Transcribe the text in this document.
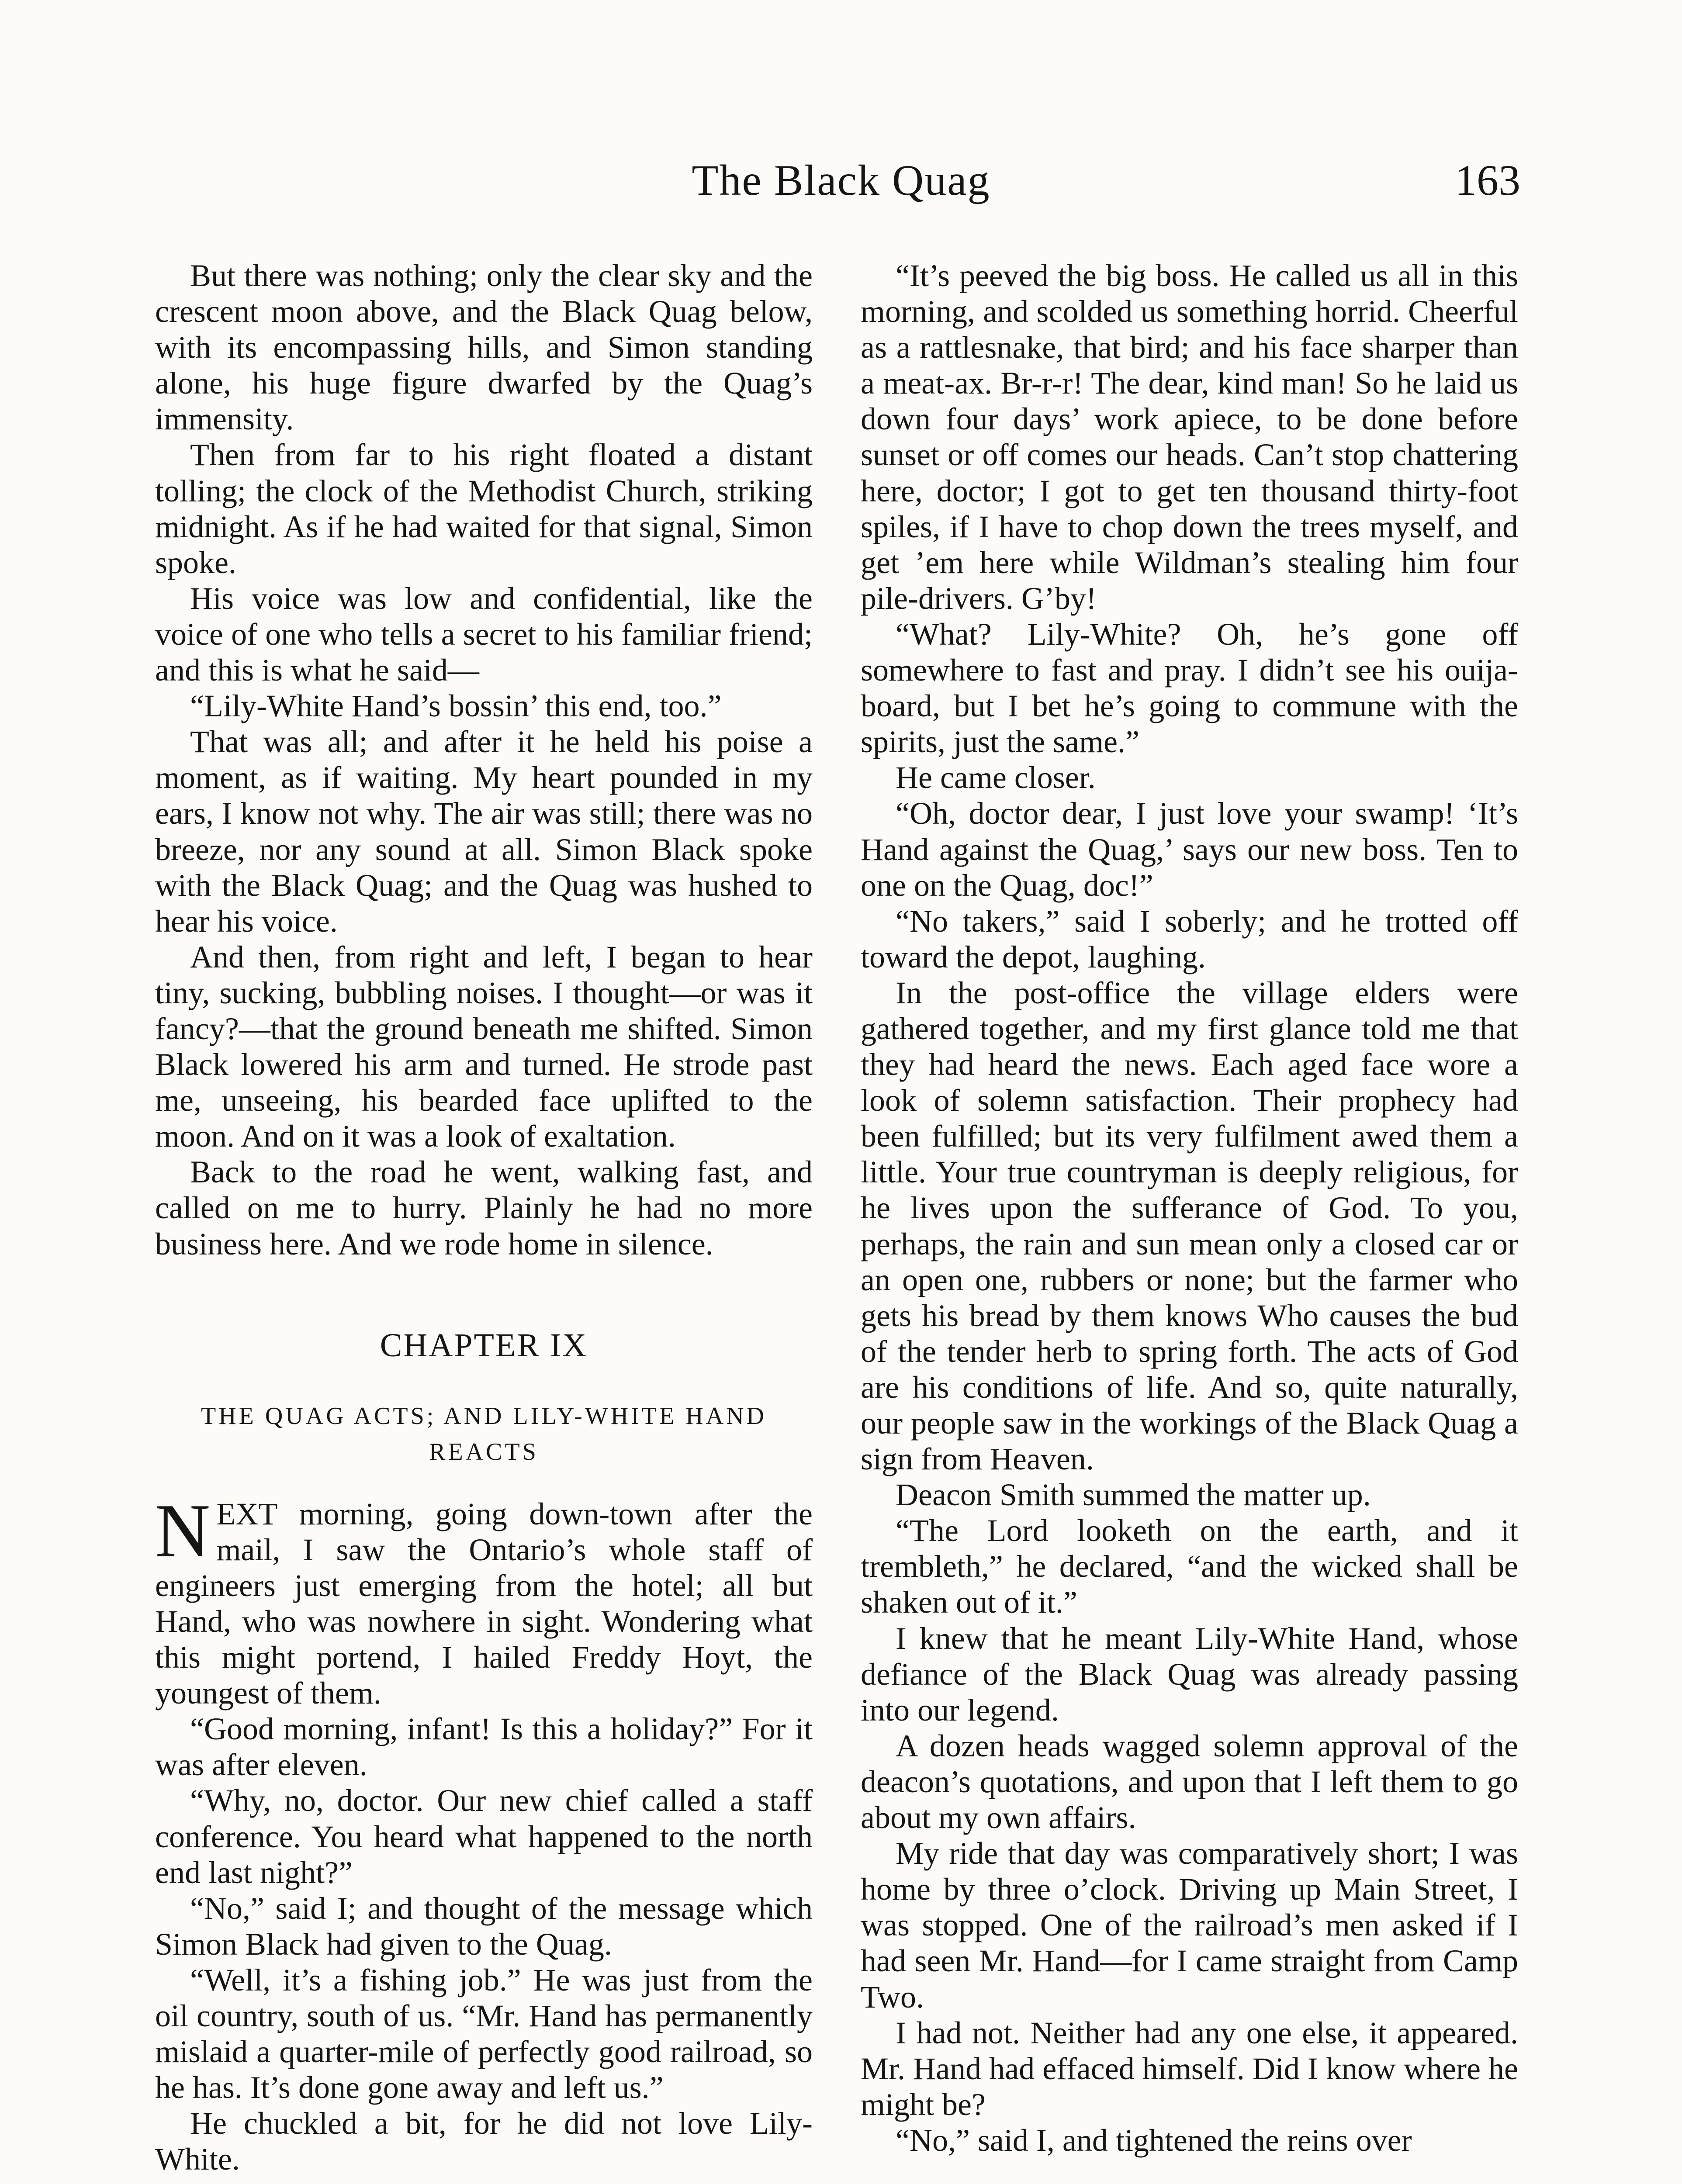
The Black Quag	163

But there was nothing; only the clear sky and the crescent moon above, and the Black Quag below, with its encompassing hills, and Simon standing alone, his huge figure dwarfed by the Quag’s immensity.

Then from far to his right floated a distant tolling; the clock of the Methodist Church, striking midnight. As if he had waited for that signal, Simon spoke.

His voice was low and confidential, like the voice of one who tells a secret to his familiar friend; and this is what he said—

“Lily-White Hand’s bossin’ this end, too.”

That was all; and after it he held his poise a moment, as if waiting. My heart pounded in my ears, I know not why. The air was still; there was no breeze, nor any sound at all. Simon Black spoke with the Black Quag; and the Quag was hushed to hear his voice.

And then, from right and left, I began to hear tiny, sucking, bubbling noises. I thought—or was it fancy?—that the ground beneath me shifted. Simon Black lowered his arm and turned. He strode past me, unseeing, his bearded face uplifted to the moon. And on it was a look of exaltation.

Back to the road he went, walking fast, and called on me to hurry. Plainly he had no more business here. And we rode home in silence.

CHAPTER IX
THE QUAG ACTS; AND LILY-WHITE HAND REACTS

NEXT morning, going down-town after the mail, I saw the Ontario’s whole staff of engineers just emerging from the hotel; all but Hand, who was nowhere in sight. Wondering what this might portend, I hailed Freddy Hoyt, the youngest of them.

“Good morning, infant! Is this a holiday?” For it was after eleven.

“Why, no, doctor. Our new chief called a staff conference. You heard what happened to the north end last night?”

“No,” said I; and thought of the message which Simon Black had given to the Quag.

“Well, it’s a fishing job.” He was just from the oil country, south of us. “Mr. Hand has permanently mislaid a quarter-mile of perfectly good railroad, so he has. It’s done gone away and left us.”

He chuckled a bit, for he did not love Lily-White.

“It’s peeved the big boss. He called us all in this morning, and scolded us something horrid. Cheerful as a rattlesnake, that bird; and his face sharper than a meat-ax. Br-r-r! The dear, kind man! So he laid us down four days’ work apiece, to be done before sunset or off comes our heads. Can’t stop chattering here, doctor; I got to get ten thousand thirty-foot spiles, if I have to chop down the trees myself, and get ’em here while Wildman’s stealing him four pile-drivers. G’by!

“What? Lily-White? Oh, he’s gone off somewhere to fast and pray. I didn’t see his ouija-board, but I bet he’s going to commune with the spirits, just the same.”

He came closer.

“Oh, doctor dear, I just love your swamp! ‘It’s Hand against the Quag,’ says our new boss. Ten to one on the Quag, doc!”

“No takers,” said I soberly; and he trotted off toward the depot, laughing.

In the post-office the village elders were gathered together, and my first glance told me that they had heard the news. Each aged face wore a look of solemn satisfaction. Their prophecy had been fulfilled; but its very fulfilment awed them a little. Your true countryman is deeply religious, for he lives upon the sufferance of God. To you, perhaps, the rain and sun mean only a closed car or an open one, rubbers or none; but the farmer who gets his bread by them knows Who causes the bud of the tender herb to spring forth. The acts of God are his conditions of life. And so, quite naturally, our people saw in the workings of the Black Quag a sign from Heaven.

Deacon Smith summed the matter up.

“The Lord looketh on the earth, and it trembleth,” he declared, “and the wicked shall be shaken out of it.”

I knew that he meant Lily-White Hand, whose defiance of the Black Quag was already passing into our legend.

A dozen heads wagged solemn approval of the deacon’s quotations, and upon that I left them to go about my own affairs.

My ride that day was comparatively short; I was home by three o’clock. Driving up Main Street, I was stopped. One of the railroad’s men asked if I had seen Mr. Hand—for I came straight from Camp Two.

I had not. Neither had any one else, it appeared. Mr. Hand had effaced himself. Did I know where he might be?

“No,” said I, and tightened the reins over
